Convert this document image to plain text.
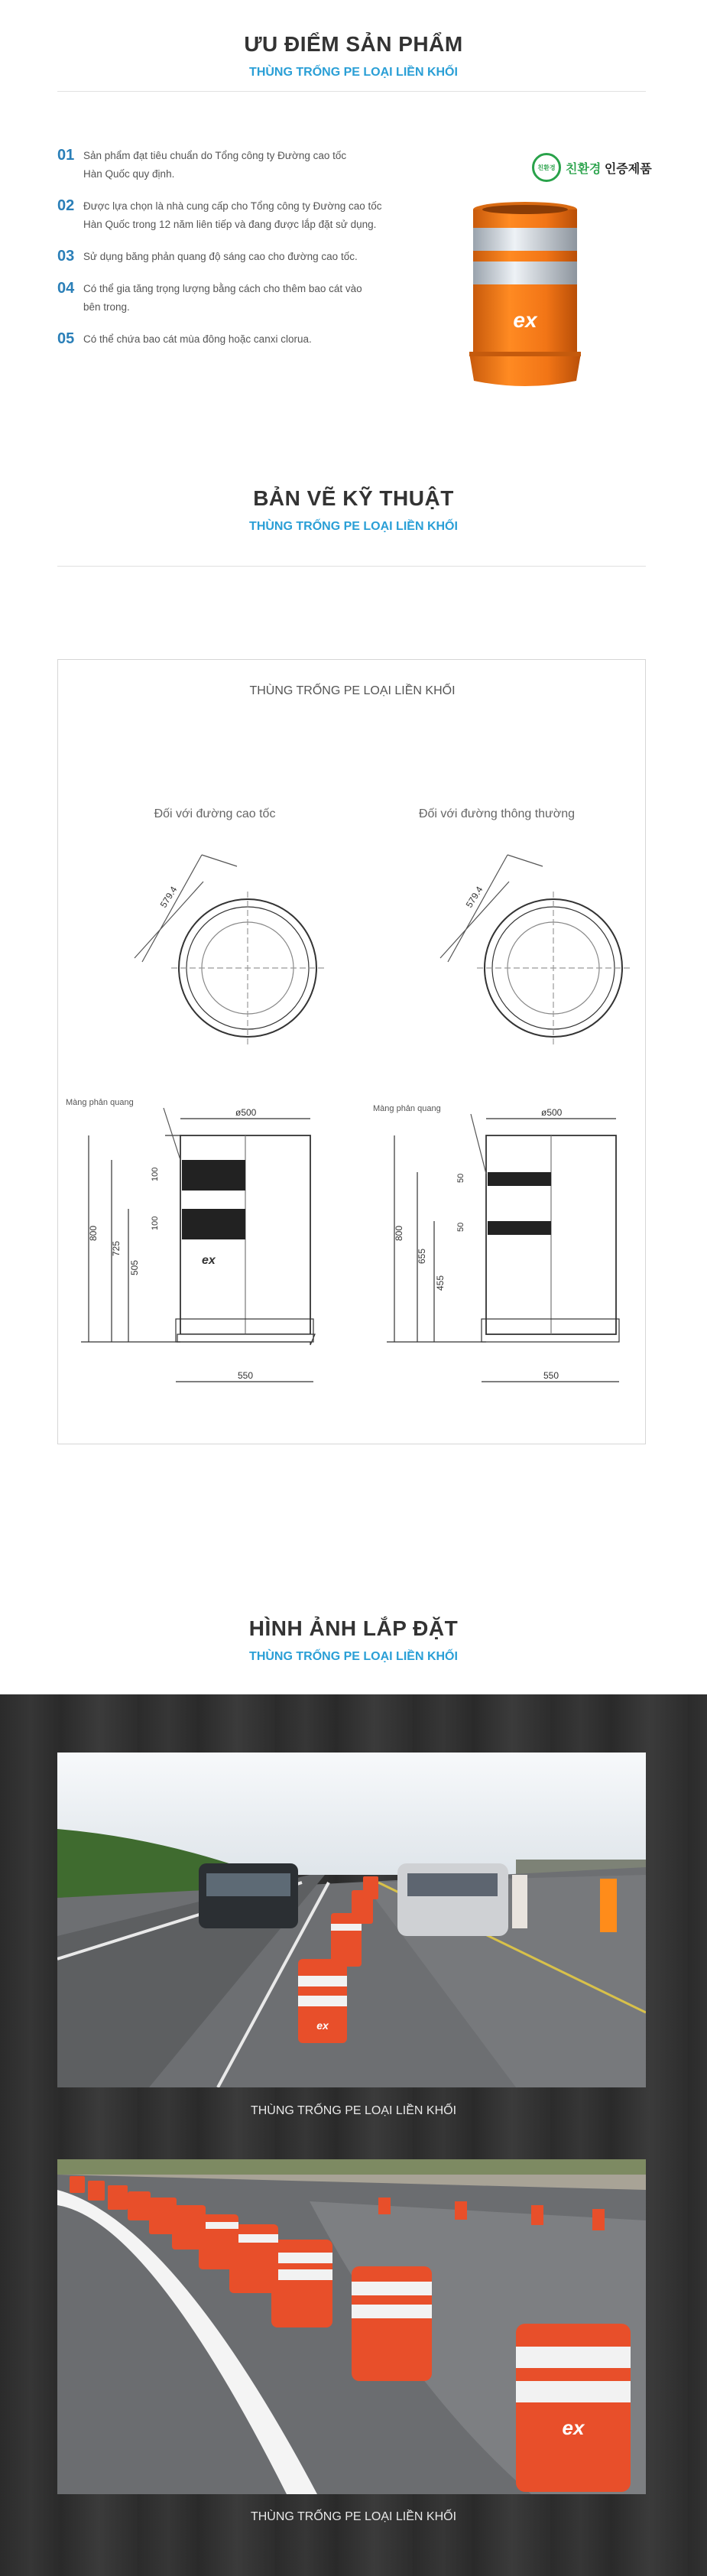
ƯU ĐIỂM SẢN PHẨM
THÙNG TRỐNG PE LOẠI LIỀN KHỐI
01 Sản phẩm đạt tiêu chuẩn do Tổng công ty Đường cao tốc
Hàn Quốc quy định.
02 Được lựa chọn là nhà cung cấp cho Tổng công ty Đường cao tốc
Hàn Quốc trong 12 năm liên tiếp và đang được lắp đặt sử dụng.
03 Sử dụng băng phản quang độ sáng cao cho đường cao tốc.
04 Có thể gia tăng trọng lượng bằng cách cho thêm bao cát vào
bên trong.
05 Có thể chứa bao cát mùa đông hoặc canxi clorua.
친환경 친환경 인증제품
ex
BẢN VẼ KỸ THUẬT
THÙNG TRỐNG PE LOẠI LIỀN KHỐI
THÙNG TRỐNG PE LOẠI LIỀN KHỐI
Đối với đường cao tốc	Đối với đường thông thường
579.4	579.4
800
725
505
100
100
ø500
550
ex
Màng phản quang
800
655
455
50
50
ø500
550
Màng phản quang
HÌNH ẢNH LẮP ĐẶT
THÙNG TRỐNG PE LOẠI LIỀN KHỐI
ex
THÙNG TRỐNG PE LOẠI LIỀN KHỐI
ex
THÙNG TRỐNG PE LOẠI LIỀN KHỐI
